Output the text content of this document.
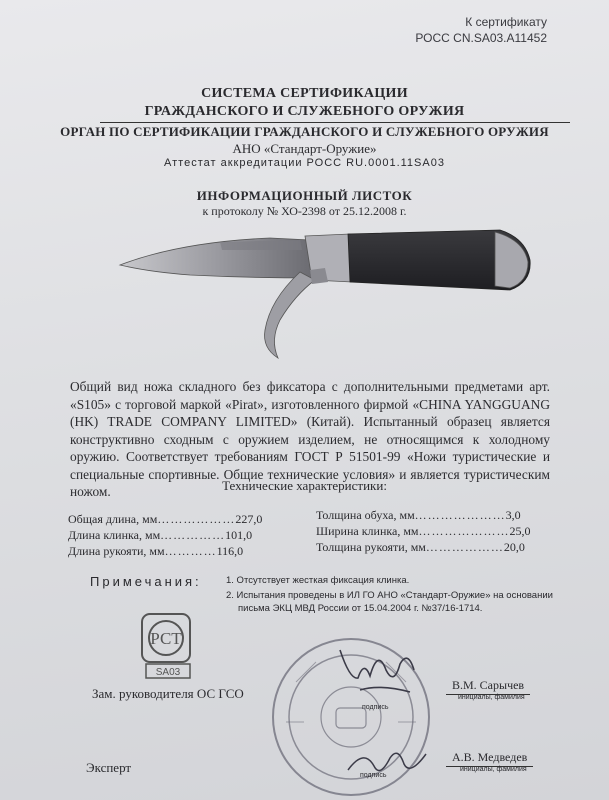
К сертификату
РОСС CN.SA03.A11452
СИСТЕМА СЕРТИФИКАЦИИ
ГРАЖДАНСКОГО И СЛУЖЕБНОГО ОРУЖИЯ
ОРГАН ПО СЕРТИФИКАЦИИ ГРАЖДАНСКОГО И СЛУЖЕБНОГО ОРУЖИЯ
АНО «Стандарт-Оружие»
Аттестат аккредитации РОСС RU.0001.11SA03
ИНФОРМАЦИОННЫЙ ЛИСТОК
к протоколу № ХО-2398 от 25.12.2008 г.
Общий вид ножа складного без фиксатора с дополнительными предметами арт. «S105» с торговой маркой «Pirat», изготовленного фирмой «CHINA YANGGUANG (HK) TRADE COMPANY LIMITED» (Китай). Испытанный образец является конструктивно сходным с оружием изделием, не относящимся к холодному оружию. Соответствует требованиям ГОСТ Р 51501-99 «Ножи туристические и специальные спортивные. Общие технические условия» и является туристическим ножом.	Технические характеристики:
Общая длина, мм………………227,0
Длина клинка, мм……………101,0
Длина рукояти, мм…………116,0
Толщина обуха, мм…………………3,0
Ширина клинка, мм…………………25,0
Толщина рукояти, мм………………20,0
Примечания:	1. Отсутствует жесткая фиксация клинка.
2. Испытания проведены в ИЛ ГО АНО «Стандарт-Оружие» на основании
письма ЭКЦ МВД России от 15.04.2004 г. №37/16-1714.
РСТ
SA03
Зам. руководителя ОС ГСО
В.М. Сарычев
инициалы, фамилия
подпись
Эксперт
А.В. Медведев
инициалы, фамилия
подпись
